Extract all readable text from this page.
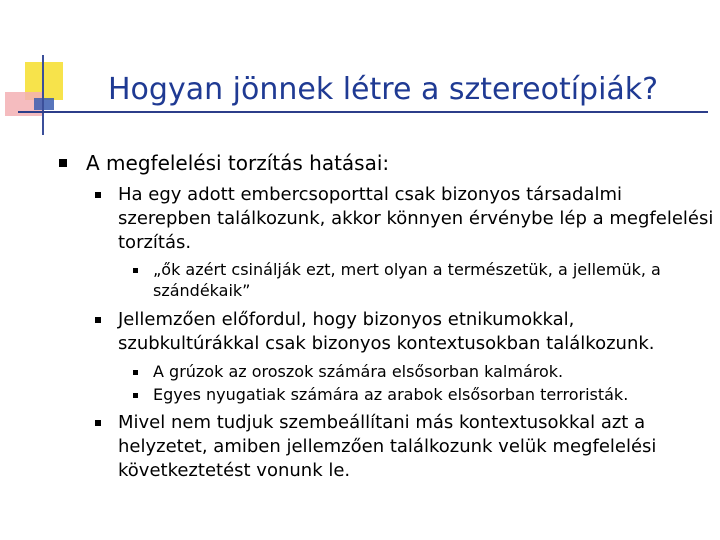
Hogyan jönnek létre a sztereotípiák?
A megfelelési torzítás hatásai:
Ha egy adott embercsoporttal csak bizonyos társadalmi
szerepben találkozunk, akkor könnyen érvénybe lép a megfelelési
torzítás.
„ők azért csinálják ezt, mert olyan a természetük, a jellemük, a
szándékaik”
Jellemzően előfordul, hogy bizonyos etnikumokkal,
szubkultúrákkal csak bizonyos kontextusokban találkozunk.
A grúzok az oroszok számára elsősorban kalmárok.
Egyes nyugatiak számára az arabok elsősorban terroristák.
Mivel nem tudjuk szembeállítani más kontextusokkal azt a
helyzetet, amiben jellemzően találkozunk velük megfelelési
következtetést vonunk le.
